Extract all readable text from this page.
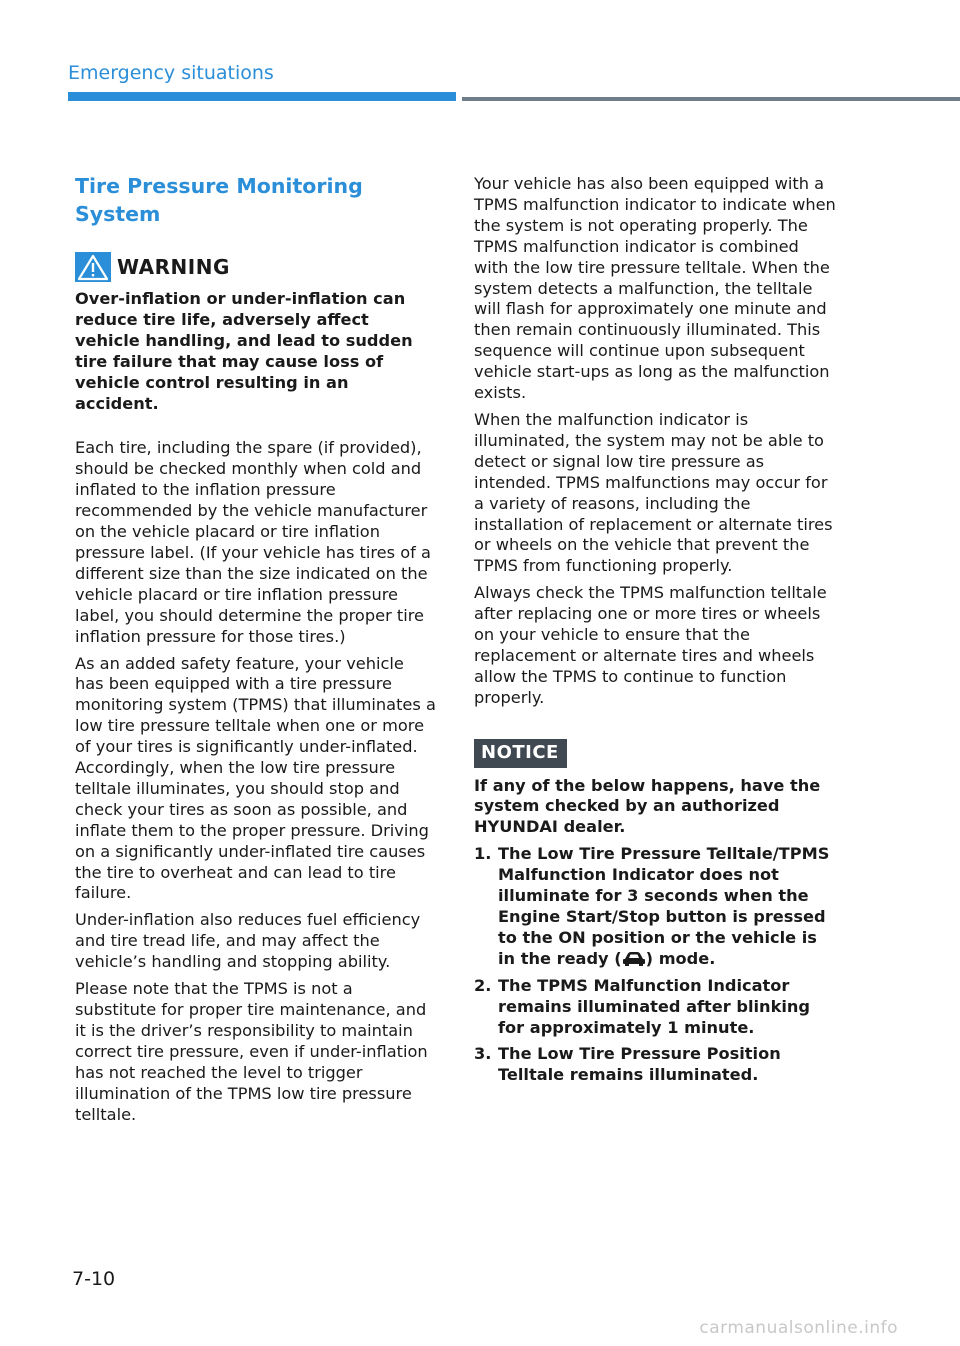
Emergency situations
Tire Pressure Monitoring System
WARNING

Over-inflation or under-inflation can reduce tire life, adversely affect vehicle handling, and lead to sudden tire failure that may cause loss of vehicle control resulting in an accident.

Each tire, including the spare (if provided), should be checked monthly when cold and inflated to the inflation pressure recommended by the vehicle manufacturer on the vehicle placard or tire inflation pressure label. (If your vehicle has tires of a different size than the size indicated on the vehicle placard or tire inflation pressure label, you should determine the proper tire inflation pressure for those tires.)

As an added safety feature, your vehicle has been equipped with a tire pressure monitoring system (TPMS) that illuminates a low tire pressure telltale when one or more of your tires is significantly under-inflated. Accordingly, when the low tire pressure telltale illuminates, you should stop and check your tires as soon as possible, and inflate them to the proper pressure. Driving on a significantly under-inflated tire causes the tire to overheat and can lead to tire failure.

Under-inflation also reduces fuel efficiency and tire tread life, and may affect the vehicle’s handling and stopping ability.

Please note that the TPMS is not a substitute for proper tire maintenance, and it is the driver’s responsibility to maintain correct tire pressure, even if under-inflation has not reached the level to trigger illumination of the TPMS low tire pressure telltale.

Your vehicle has also been equipped with a TPMS malfunction indicator to indicate when the system is not operating properly. The TPMS malfunction indicator is combined with the low tire pressure telltale. When the system detects a malfunction, the telltale will flash for approximately one minute and then remain continuously illuminated. This sequence will continue upon subsequent vehicle start-ups as long as the malfunction exists.

When the malfunction indicator is illuminated, the system may not be able to detect or signal low tire pressure as intended. TPMS malfunctions may occur for a variety of reasons, including the installation of replacement or alternate tires or wheels on the vehicle that prevent the TPMS from functioning properly.

Always check the TPMS malfunction telltale after replacing one or more tires or wheels on your vehicle to ensure that the replacement or alternate tires and wheels allow the TPMS to continue to function properly.

NOTICE

If any of the below happens, have the system checked by an authorized HYUNDAI dealer.

1. The Low Tire Pressure Telltale/TPMS Malfunction Indicator does not illuminate for 3 seconds when the Engine Start/Stop button is pressed to the ON position or the vehicle is in the ready ( ) mode.
2. The TPMS Malfunction Indicator remains illuminated after blinking for approximately 1 minute.
3. The Low Tire Pressure Position Telltale remains illuminated.
7-10
carmanualsonline.info
